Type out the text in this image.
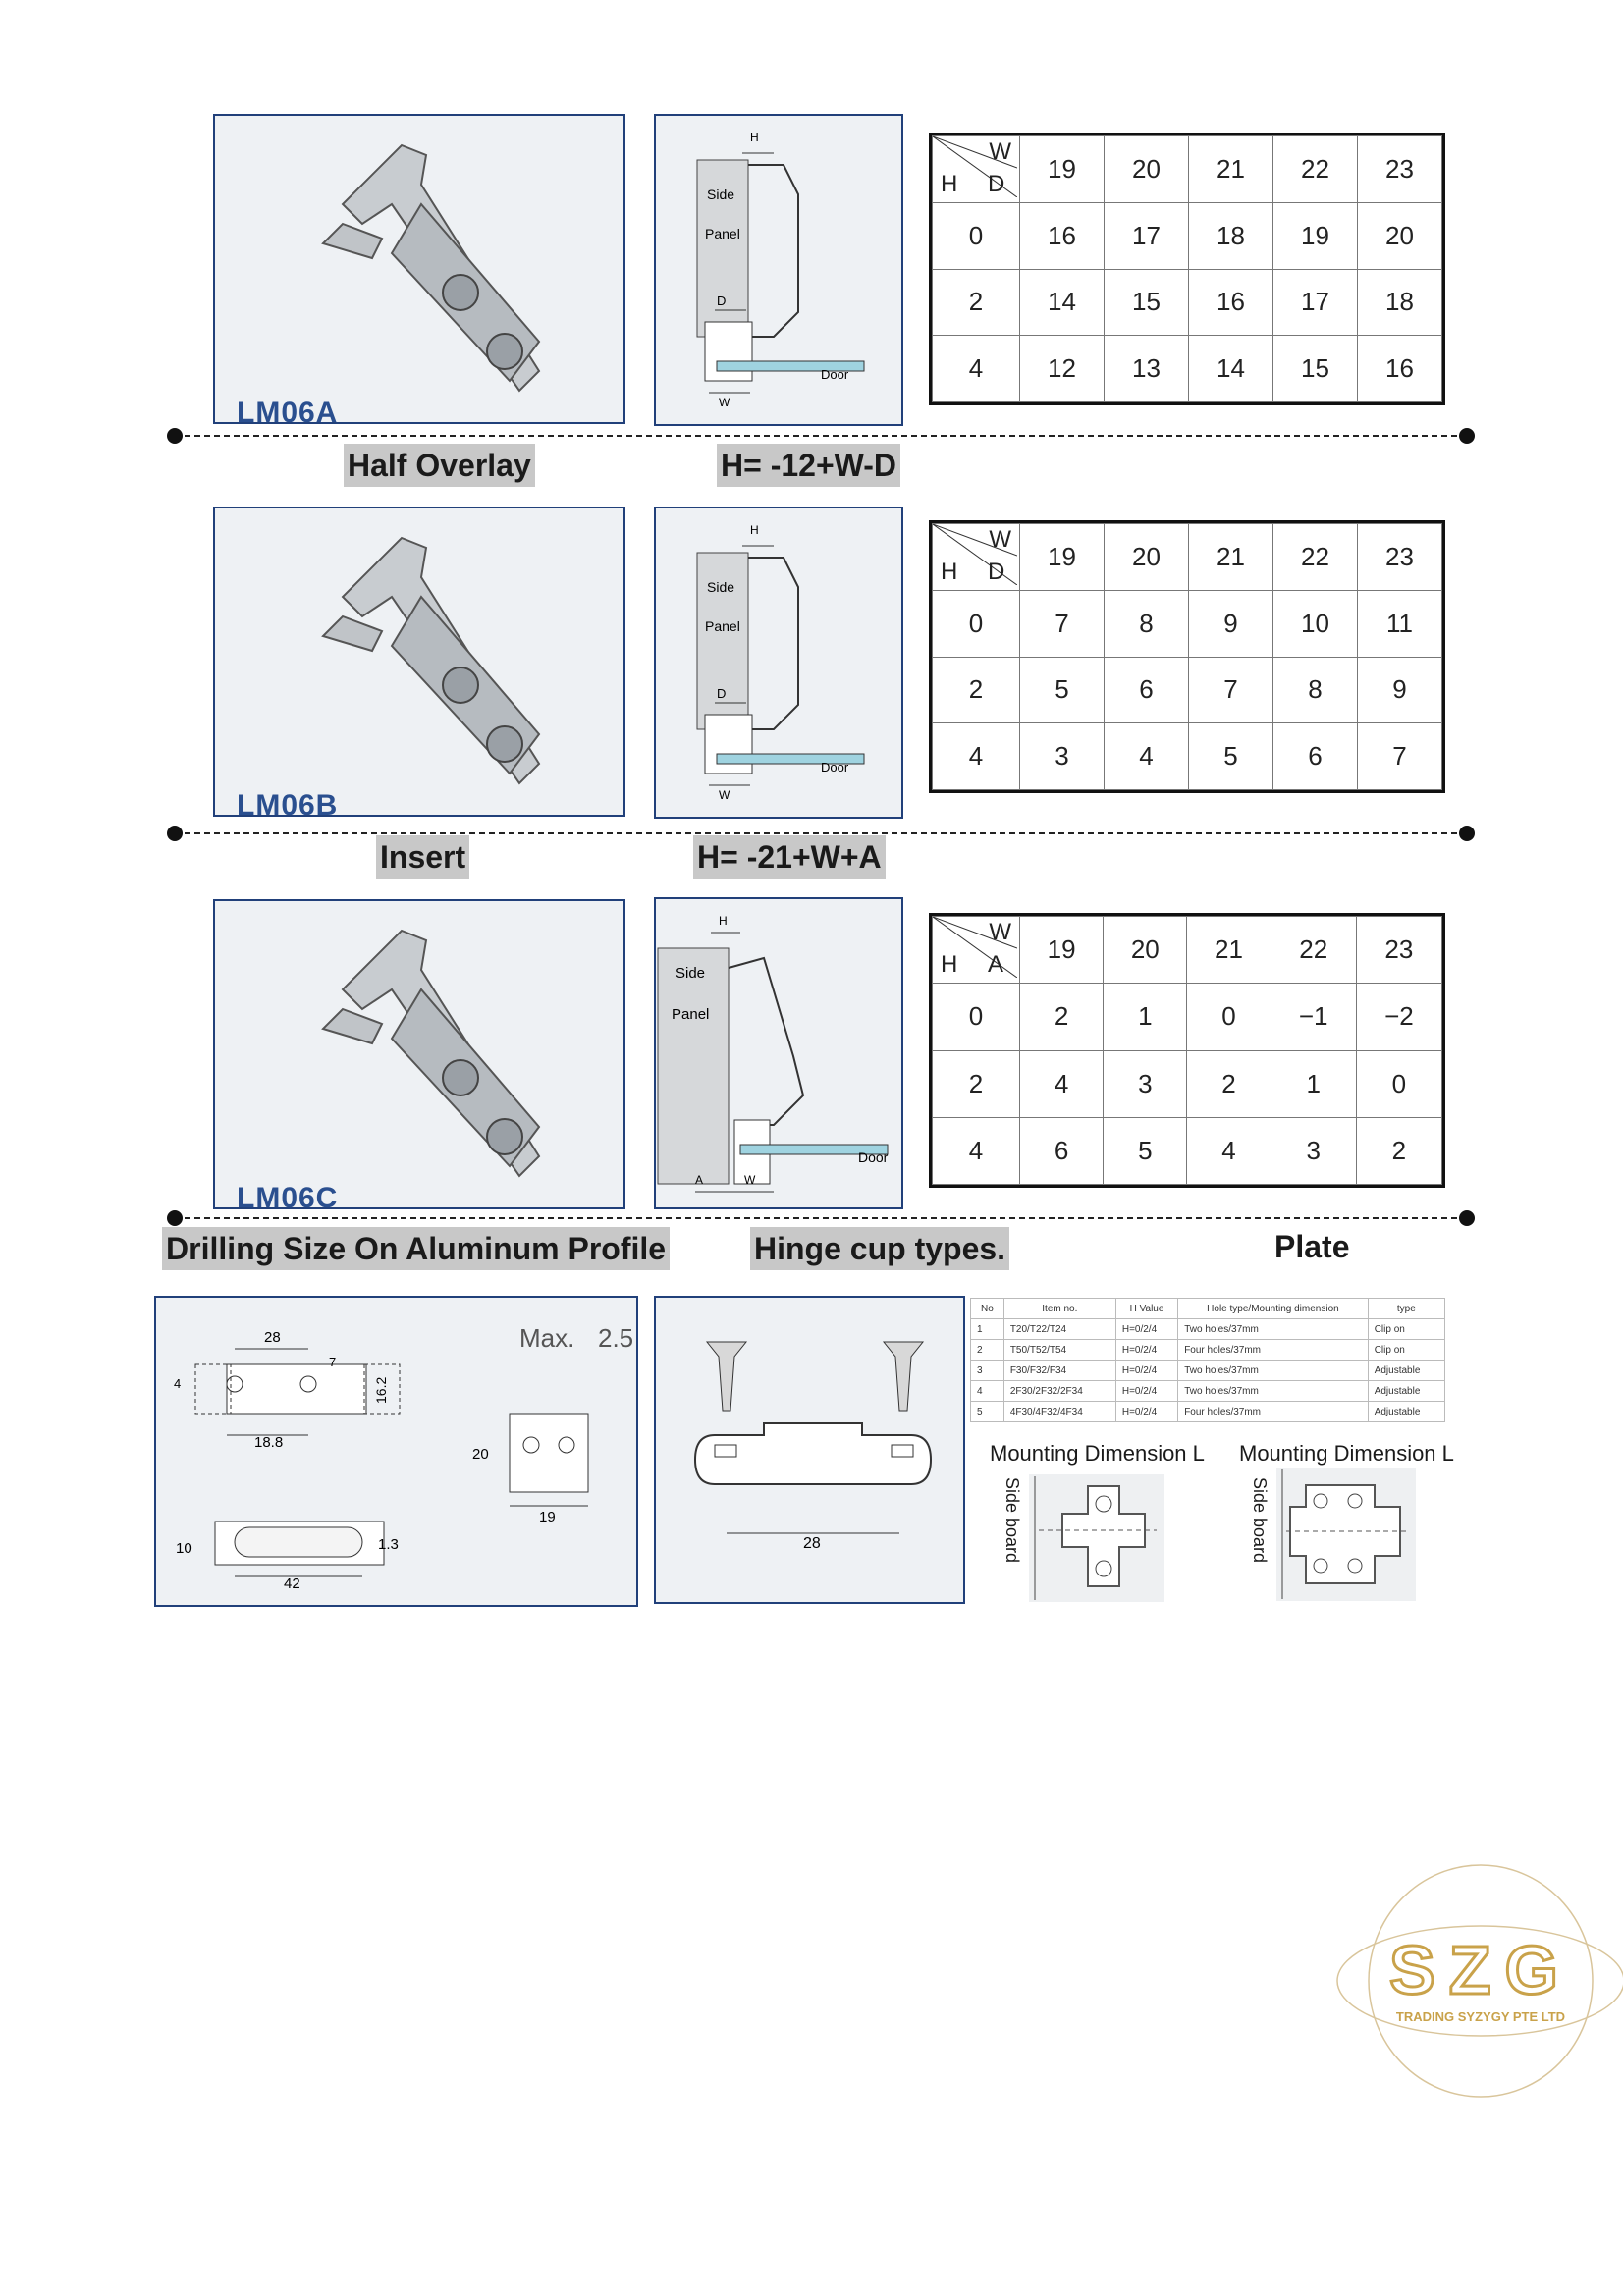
LM06A
Side
Panel
D
H
Door
W
W
H D	19	20	21	22	23
0	16	17	18	19	20
2	14	15	16	17	18
4	12	13	14	15	16
Half Overlay	H= -12+W-D
LM06B
Side
Panel
D
H
Door
W
W
H D	19	20	21	22	23
0	7	8	9	10	11
2	5	6	7	8	9
4	3	4	5	6	7
Insert	H= -21+W+A
LM06C
Side
Panel
H
Door
A	W
W
H A	19	20	21	22	23
0	2	1	0	−1	−2
2	4	3	2	1	0
4	6	5	4	3	2
Drilling Size On Aluminum Profile	Hinge cup types.	Plate
28
7
4	16.2
18.8
Max. 2.5
20
19
10	1.3
42
28
No	Item no.	H Value	Hole type/Mounting dimension	type
1	T20/T22/T24	H=0/2/4	Two holes/37mm	Clip on
2	T50/T52/T54	H=0/2/4	Four holes/37mm	Clip on
3	F30/F32/F34	H=0/2/4	Two holes/37mm	Adjustable
4	2F30/2F32/2F34	H=0/2/4	Two holes/37mm	Adjustable
5	4F30/4F32/4F34	H=0/2/4	Four holes/37mm	Adjustable
Mounting Dimension L Mounting Dimension L
Side board	Side board
SZG
TRADING SYZYGY PTE LTD
